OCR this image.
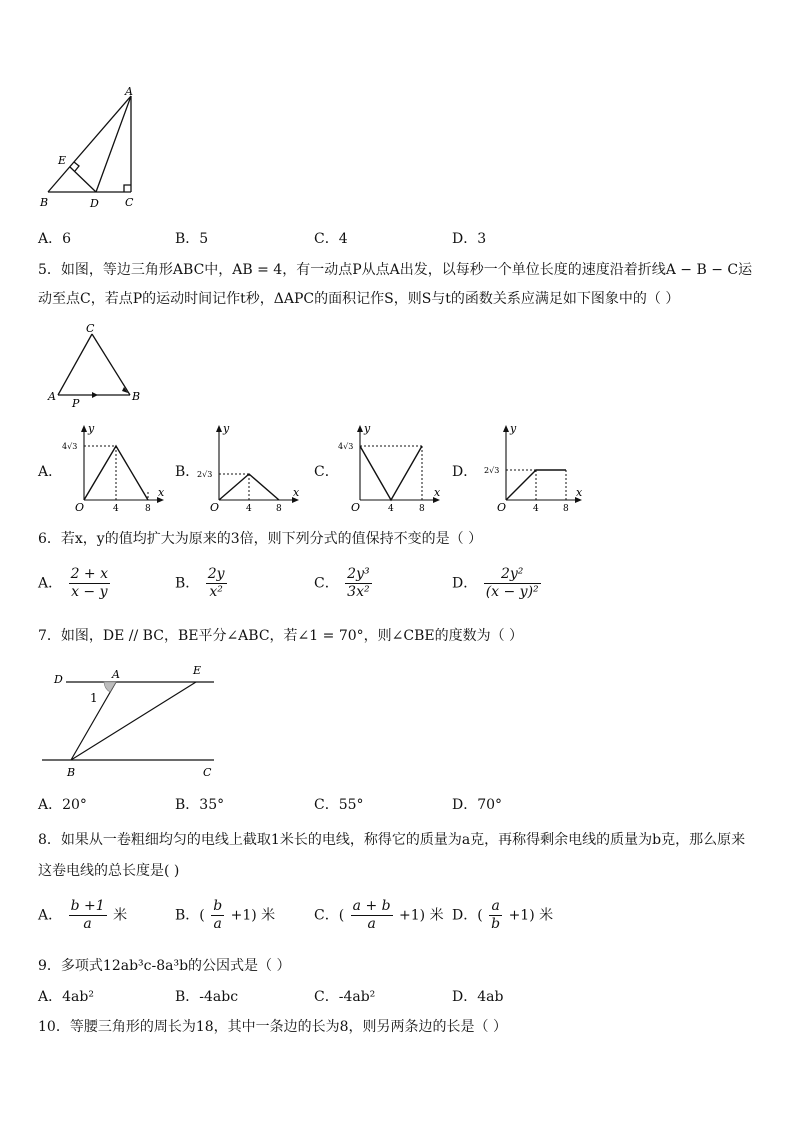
A
E
B	D C
A．6	B．5	C．4	D．3
5．如图，等边三角形ABC中，AB = 4，有一动点P从点A出发，以每秒一个单位长度的速度沿着折线A − B − C运
动至点C，若点P的运动时间记作t秒，ΔAPC的面积记作S，则S与t的函数关系应满足如下图象中的（ ）
C
A	B
P
A．
4√3
y
x
O	4	8
B．
2√3
y
x
O	4	8
C．
4√3
y
x
O	4	8
D． 2√3
y
x
O	4	8
6．若x，y的值均扩大为原来的3倍，则下列分式的值保持不变的是（ ）
A． $\frac{2 + x}{x - y}$	B． $\frac{2y}{\text{x²}}$	C． $\frac{\text{2y³}}{\text{3x²}}$	D． $\frac{\text{2y²}}{\text{(x − y)²}}$
7．如图，DE // BC，BE平分∠ABC，若∠1 = 70°，则∠CBE的度数为（ ）
D	A	E
1
B	C
A．20°	B．35°	C．55°	D．70°
8．如果从一卷粗细均匀的电线上截取1米长的电线，称得它的质量为a克，再称得剩余电线的质量为b克，那么原来
这卷电线的总长度是( )
A． $\frac{b +1}{a}$ 米	B．( $\frac{b}{a} +1$) 米	C．( $\frac{a + b}{a} +1$) 米 D．( $\frac{a}{b} +1$) 米
9．多项式12ab³c-8a³b的公因式是（ ）
A．4ab²	B．-4abc	C．-4ab²	D．4ab
10．等腰三角形的周长为18，其中一条边的长为8，则另两条边的长是（ ）
